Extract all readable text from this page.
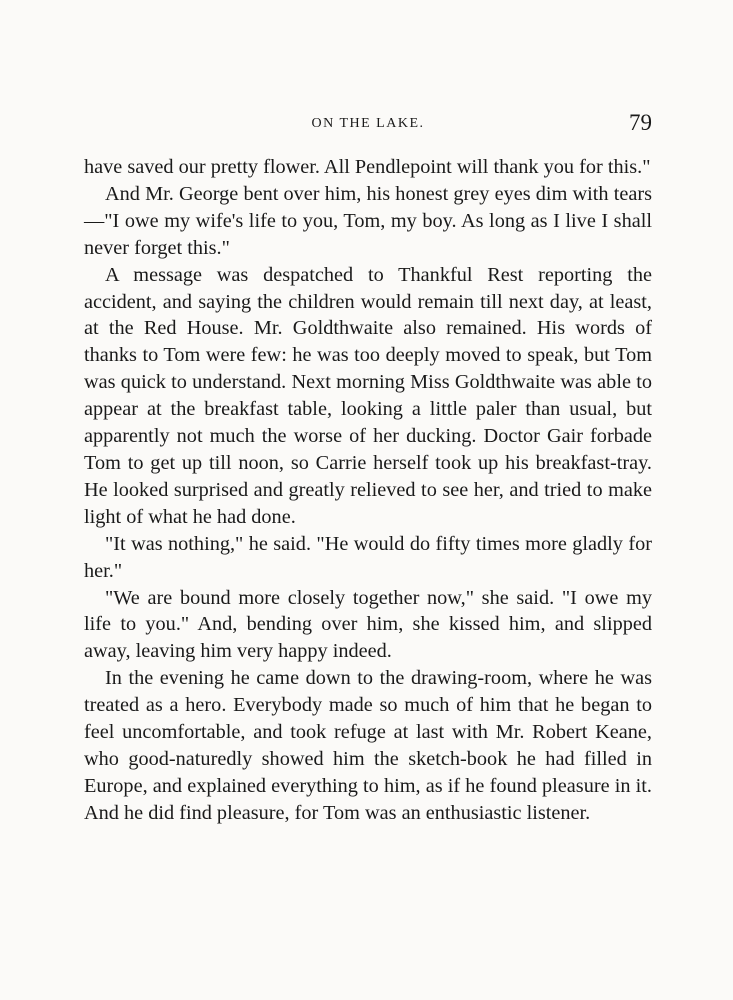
ON THE LAKE.	79

have saved our pretty flower. All Pendlepoint will thank you for this."

And Mr. George bent over him, his honest grey eyes dim with tears—"I owe my wife's life to you, Tom, my boy. As long as I live I shall never forget this."

A message was despatched to Thankful Rest reporting the accident, and saying the children would remain till next day, at least, at the Red House. Mr. Goldthwaite also remained. His words of thanks to Tom were few: he was too deeply moved to speak, but Tom was quick to understand. Next morning Miss Goldthwaite was able to appear at the breakfast table, looking a little paler than usual, but apparently not much the worse of her ducking. Doctor Gair forbade Tom to get up till noon, so Carrie herself took up his breakfast-tray. He looked surprised and greatly relieved to see her, and tried to make light of what he had done.

"It was nothing," he said. "He would do fifty times more gladly for her."

"We are bound more closely together now," she said. "I owe my life to you." And, bending over him, she kissed him, and slipped away, leaving him very happy indeed.

In the evening he came down to the drawing-room, where he was treated as a hero. Everybody made so much of him that he began to feel uncomfortable, and took refuge at last with Mr. Robert Keane, who good-naturedly showed him the sketch-book he had filled in Europe, and explained everything to him, as if he found pleasure in it. And he did find pleasure, for Tom was an enthusiastic listener.
